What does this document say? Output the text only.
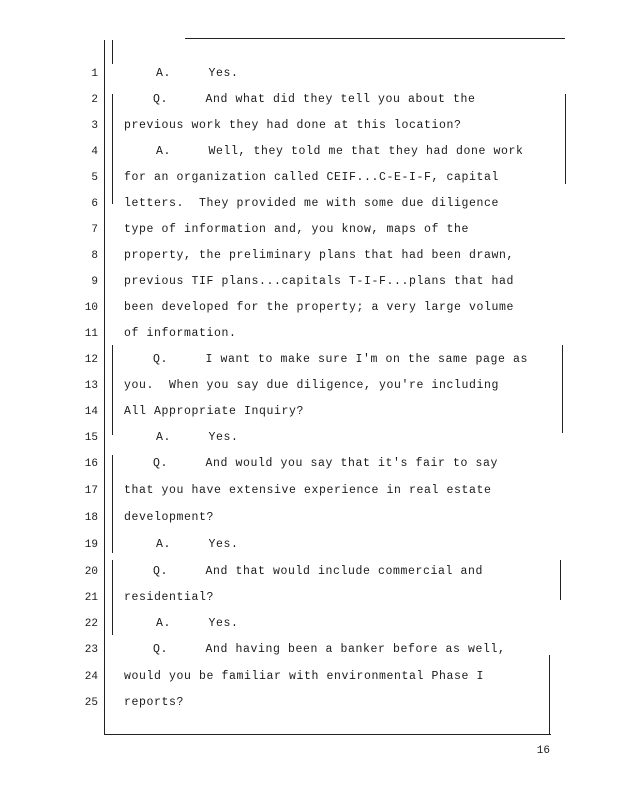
1	A.     Yes.
2	Q.     And what did they tell you about the
3 previous work they had done at this location?
4	A.     Well, they told me that they had done work
5 for an organization called CEIF...C-E-I-F, capital
6 letters.  They provided me with some due diligence
7 type of information and, you know, maps of the
8 property, the preliminary plans that had been drawn,
9 previous TIF plans...capitals T-I-F...plans that had
10 been developed for the property; a very large volume
11 of information.
12	Q.     I want to make sure I'm on the same page as
13 you.  When you say due diligence, you're including
14 All Appropriate Inquiry?
15	A.     Yes.
16	Q.     And would you say that it's fair to say
17 that you have extensive experience in real estate
18 development?
19	A.     Yes.
20	Q.     And that would include commercial and
21 residential?
22	A.     Yes.
23	Q.     And having been a banker before as well,
24 would you be familiar with environmental Phase I
25 reports?
16
